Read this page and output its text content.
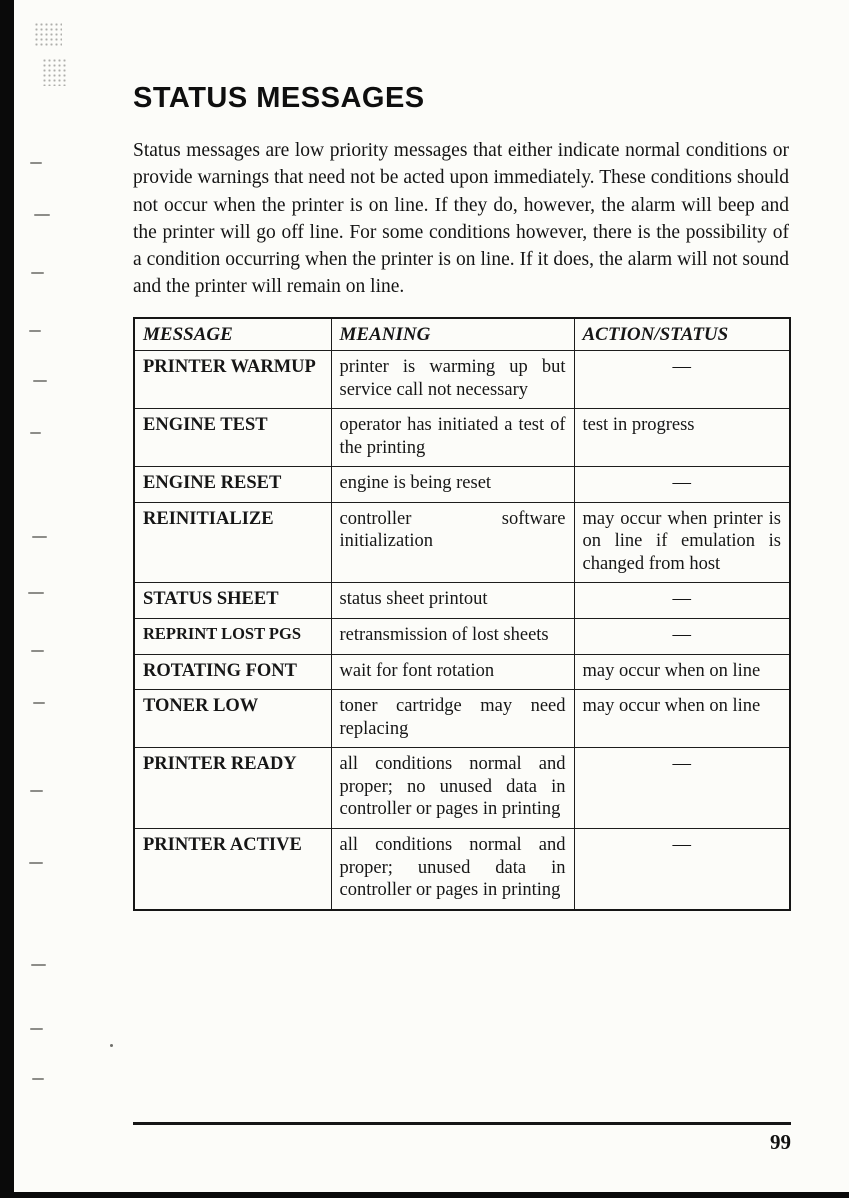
STATUS MESSAGES

Status messages are low priority messages that either indicate normal conditions or provide warnings that need not be acted upon immediately. These conditions should not occur when the printer is on line. If they do, however, the alarm will beep and the printer will go off line. For some conditions however, there is the possibility of a condition occurring when the printer is on line. If it does, the alarm will not sound and the printer will remain on line.

MESSAGE	MEANING	ACTION/STATUS
PRINTER WARMUP	printer is warming up but service call not necessary	—
ENGINE TEST	operator has initiated a test of the printing	test in progress
ENGINE RESET	engine is being reset	—
REINITIALIZE	controller software initialization	may occur when printer is on line if emulation is changed from host
STATUS SHEET	status sheet printout	—
REPRINT LOST PGS	retransmission of lost sheets	—
ROTATING FONT	wait for font rotation	may occur when on line
TONER LOW	toner cartridge may need replacing	may occur when on line
PRINTER READY	all conditions normal and proper; no unused data in controller or pages in printing	—
PRINTER ACTIVE	all conditions normal and proper; unused data in controller or pages in printing	—
99
